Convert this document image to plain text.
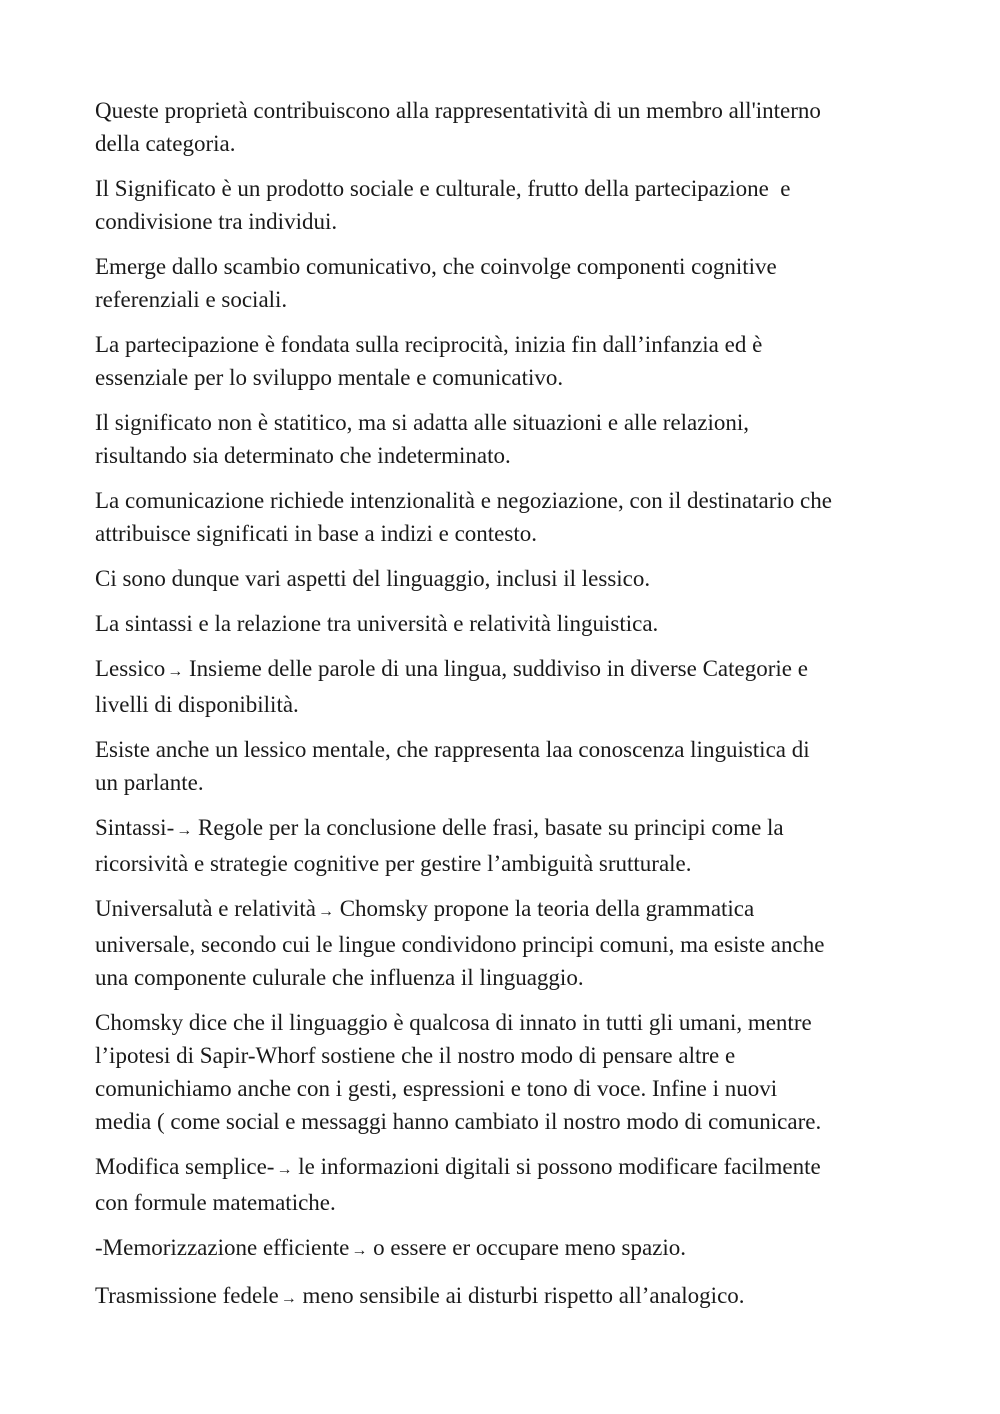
Queste proprietà contribuiscono alla rappresentatività di un membro all'interno
della categoria.

Il Significato è un prodotto sociale e culturale, frutto della partecipazione  e
condivisione tra individui.

Emerge dallo scambio comunicativo, che coinvolge componenti cognitive
referenziali e sociali.

La partecipazione è fondata sulla reciprocità, inizia fin dall’infanzia ed è
essenziale per lo sviluppo mentale e comunicativo.

Il significato non è statitico, ma si adatta alle situazioni e alle relazioni,
risultando sia determinato che indeterminato.

La comunicazione richiede intenzionalità e negoziazione, con il destinatario che
attribuisce significati in base a indizi e contesto.

Ci sono dunque vari aspetti del linguaggio, inclusi il lessico.

La sintassi e la relazione tra università e relatività linguistica.

Lessico → Insieme delle parole di una lingua, suddiviso in diverse Categorie e
livelli di disponibilità.

Esiste anche un lessico mentale, che rappresenta laa conoscenza linguistica di
un parlante.

Sintassi- → Regole per la conclusione delle frasi, basate su principi come la
ricorsività e strategie cognitive per gestire l’ambiguità srutturale.

Universalutà e relatività → Chomsky propone la teoria della grammatica
universale, secondo cui le lingue condividono principi comuni, ma esiste anche
una componente culurale che influenza il linguaggio.

Chomsky dice che il linguaggio è qualcosa di innato in tutti gli umani, mentre
l’ipotesi di Sapir-Whorf sostiene che il nostro modo di pensare altre e
comunichiamo anche con i gesti, espressioni e tono di voce. Infine i nuovi
media ( come social e messaggi hanno cambiato il nostro modo di comunicare.

Modifica semplice- → le informazioni digitali si possono modificare facilmente
con formule matematiche.

-Memorizzazione efficiente → o essere er occupare meno spazio.

Trasmissione fedele → meno sensibile ai disturbi rispetto all’analogico.
